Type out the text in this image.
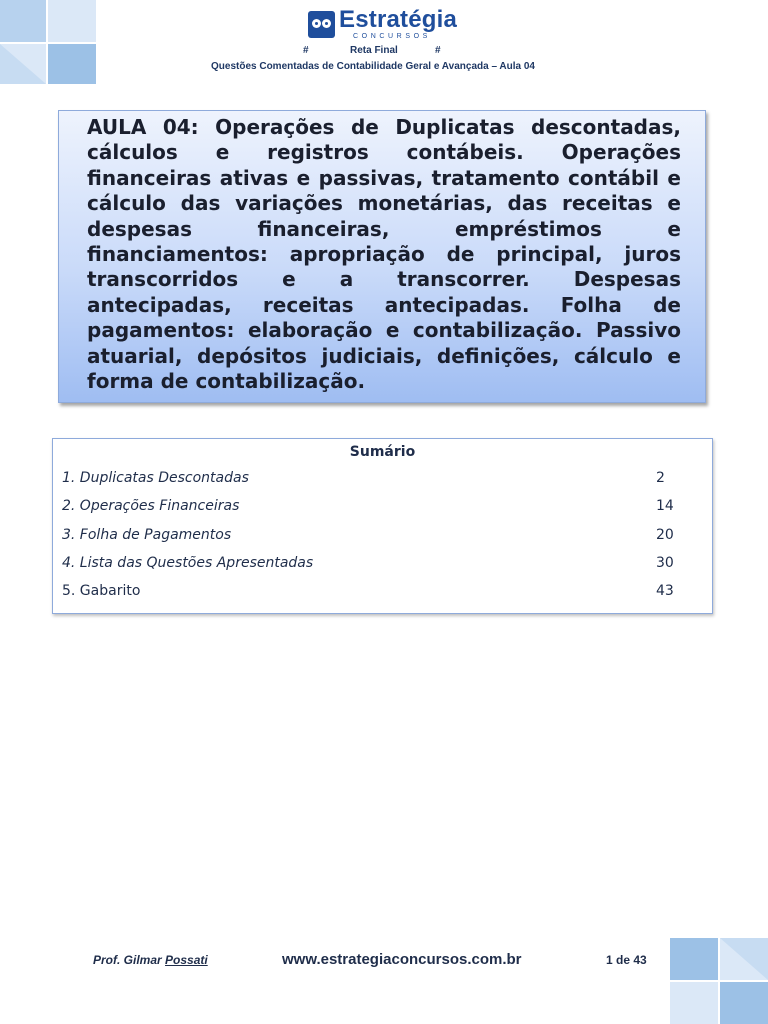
Estratégia
CONCURSOS
#	Reta Final	#
Questões Comentadas de Contabilidade Geral e Avançada – Aula 04
AULA 04: Operações de Duplicatas descontadas, cálculos e registros contábeis. Operações financeiras ativas e passivas, tratamento contábil e cálculo das variações monetárias, das receitas e despesas financeiras, empréstimos e financiamentos: apropriação de principal, juros transcorridos e a transcorrer. Despesas antecipadas, receitas antecipadas. Folha de pagamentos: elaboração e contabilização. Passivo atuarial, depósitos judiciais, definições, cálculo e forma de contabilização.
Sumário
1. Duplicatas Descontadas	2
2. Operações Financeiras	14
3. Folha de Pagamentos	20
4. Lista das Questões Apresentadas	30
5. Gabarito	43
Prof. Gilmar Possati	www.estrategiaconcursos.com.br	1 de 43
